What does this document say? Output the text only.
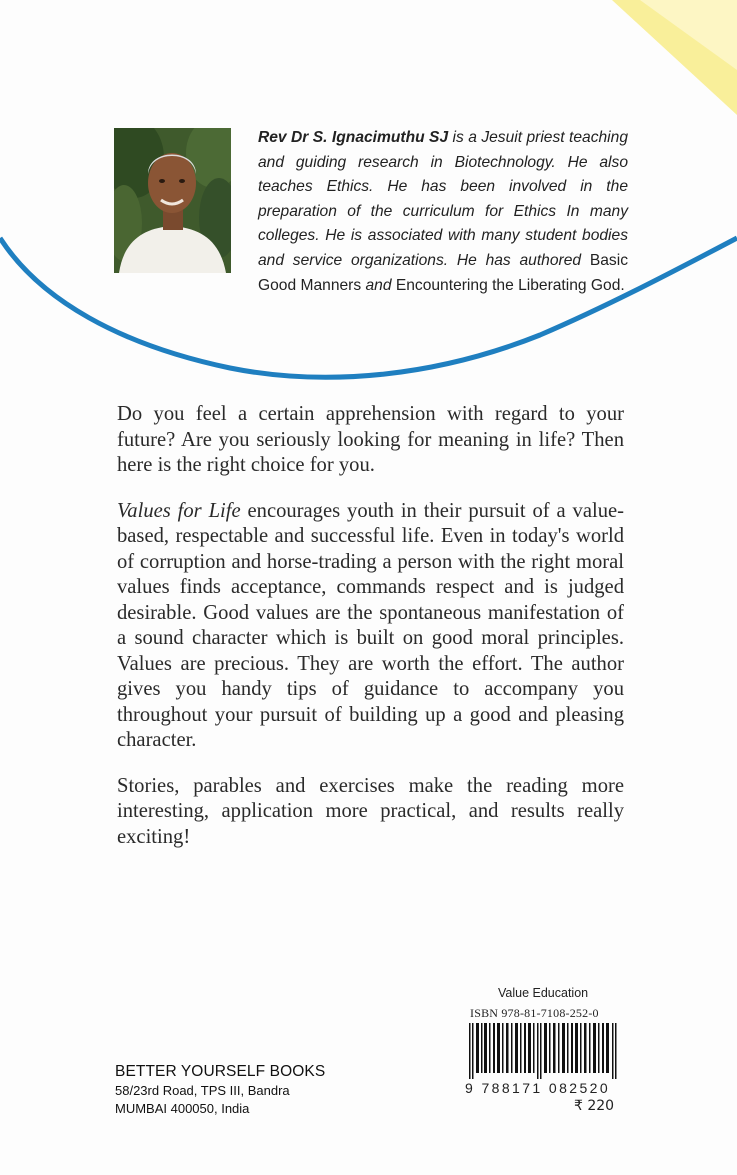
Rev Dr S. Ignacimuthu SJ is a Jesuit priest teaching and guiding research in Biotechnology. He also teaches Ethics. He has been involved in the preparation of the curriculum for Ethics In many colleges. He is associated with many student bodies and service organizations. He has authored Basic Good Manners and Encountering the Liberating God.

Do you feel a certain apprehension with regard to your future? Are you seriously looking for meaning in life? Then here is the right choice for you.

Values for Life encourages youth in their pursuit of a value-based, respectable and successful life. Even in today's world of corruption and horse-trading a person with the right moral values finds acceptance, commands respect and is judged desirable. Good values are the spontaneous manifestation of a sound character which is built on good moral principles. Values are precious. They are worth the effort. The author gives you handy tips of guidance to accompany you throughout your pursuit of building up a good and pleasing character.

Stories, parables and exercises make the reading more interesting, application more practical, and results really exciting!

Value Education
ISBN 978-81-7108-252-0
9 788171 082520
₹ 220
BETTER YOURSELF BOOKS
58/23rd Road, TPS III, Bandra
MUMBAI 400050, India
